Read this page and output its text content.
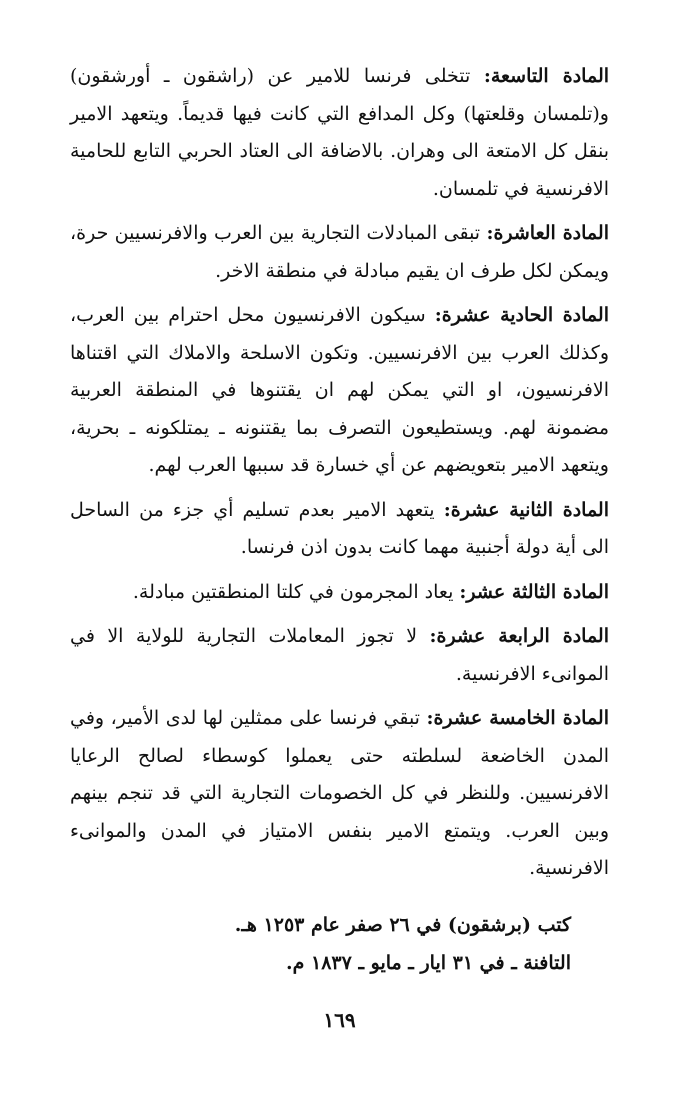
المادة التاسعة: تتخلى فرنسا للامير عن (راشقون ـ أورشقون) و(تلمسان وقلعتها) وكل المدافع التي كانت فيها قديماً. ويتعهد الامير بنقل كل الامتعة الى وهران. بالاضافة الى العتاد الحربي التابع للحامية الافرنسية في تلمسان.

المادة العاشرة: تبقى المبادلات التجارية بين العرب والافرنسيين حرة، ويمكن لكل طرف ان يقيم مبادلة في منطقة الاخر.

المادة الحادية عشرة: سيكون الافرنسيون محل احترام بين العرب، وكذلك العرب بين الافرنسيين. وتكون الاسلحة والاملاك التي اقتناها الافرنسيون، او التي يمكن لهم ان يقتنوها في المنطقة العربية مضمونة لهم. ويستطيعون التصرف بما يقتنونه ـ يمتلكونه ـ بحرية، ويتعهد الامير بتعويضهم عن أي خسارة قد سببها العرب لهم.

المادة الثانية عشرة: يتعهد الامير بعدم تسليم أي جزء من الساحل الى أية دولة أجنبية مهما كانت بدون اذن فرنسا.

المادة الثالثة عشر: يعاد المجرمون في كلتا المنطقتين مبادلة.

المادة الرابعة عشرة: لا تجوز المعاملات التجارية للولاية الا في الموانىء الافرنسية.

المادة الخامسة عشرة: تبقي فرنسا على ممثلين لها لدى الأمير، وفي المدن الخاضعة لسلطته حتى يعملوا كوسطاء لصالح الرعايا الافرنسيين. وللنظر في كل الخصومات التجارية التي قد تنجم بينهم وبين العرب. ويتمتع الامير بنفس الامتياز في المدن والموانىء الافرنسية.

كتب (برشقون) في ٢٦ صفر عام ١٢٥٣ هـ.
التافنة ـ في ٣١ ايار ـ مايو ـ ١٨٣٧ م.
١٦٩
